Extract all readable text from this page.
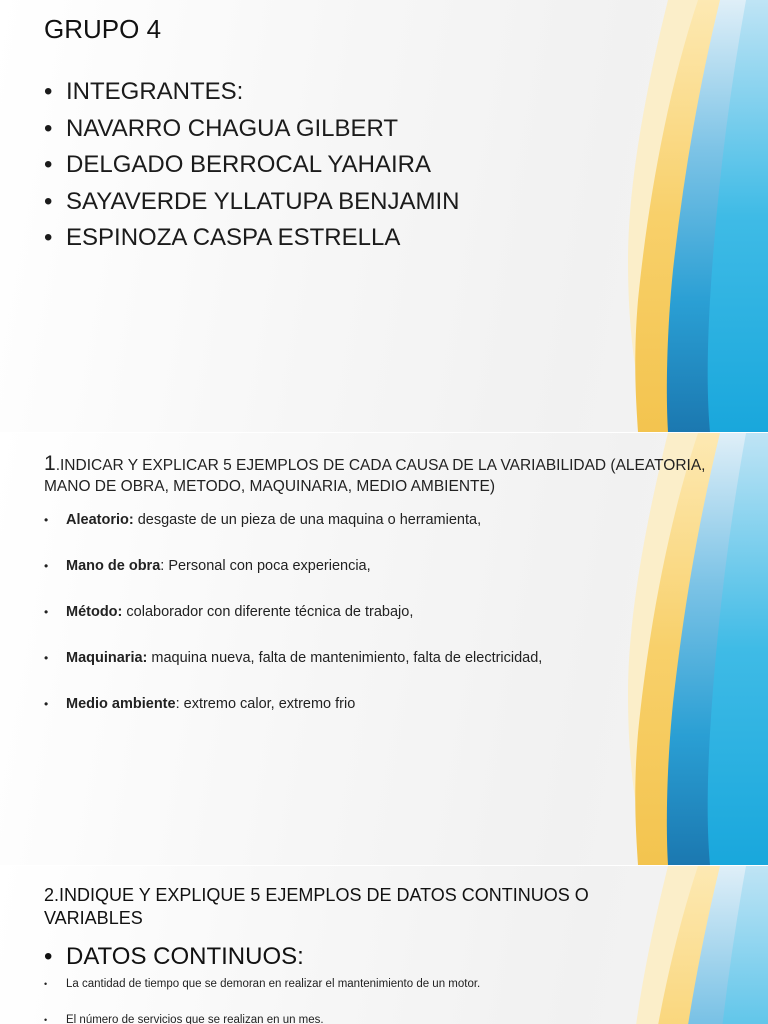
GRUPO 4
• INTEGRANTES:
• NAVARRO CHAGUA GILBERT
• DELGADO BERROCAL YAHAIRA
• SAYAVERDE YLLATUPA BENJAMIN
• ESPINOZA CASPA ESTRELLA
1.INDICAR Y EXPLICAR 5 EJEMPLOS DE CADA CAUSA DE LA VARIABILIDAD (ALEATORIA, MANO DE OBRA, METODO, MAQUINARIA, MEDIO AMBIENTE)
• Aleatorio: desgaste de un pieza de una maquina o herramienta,
• Mano de obra: Personal con poca experiencia,
• Método: colaborador con diferente técnica de trabajo,
• Maquinaria: maquina nueva, falta de mantenimiento, falta de electricidad,
• Medio ambiente: extremo calor, extremo frio
2.INDIQUE Y EXPLIQUE 5 EJEMPLOS DE DATOS CONTINUOS O VARIABLES
• DATOS CONTINUOS:
• La cantidad de tiempo que se demoran en realizar el mantenimiento de un motor.
• El número de servicios que se realizan en un mes.
